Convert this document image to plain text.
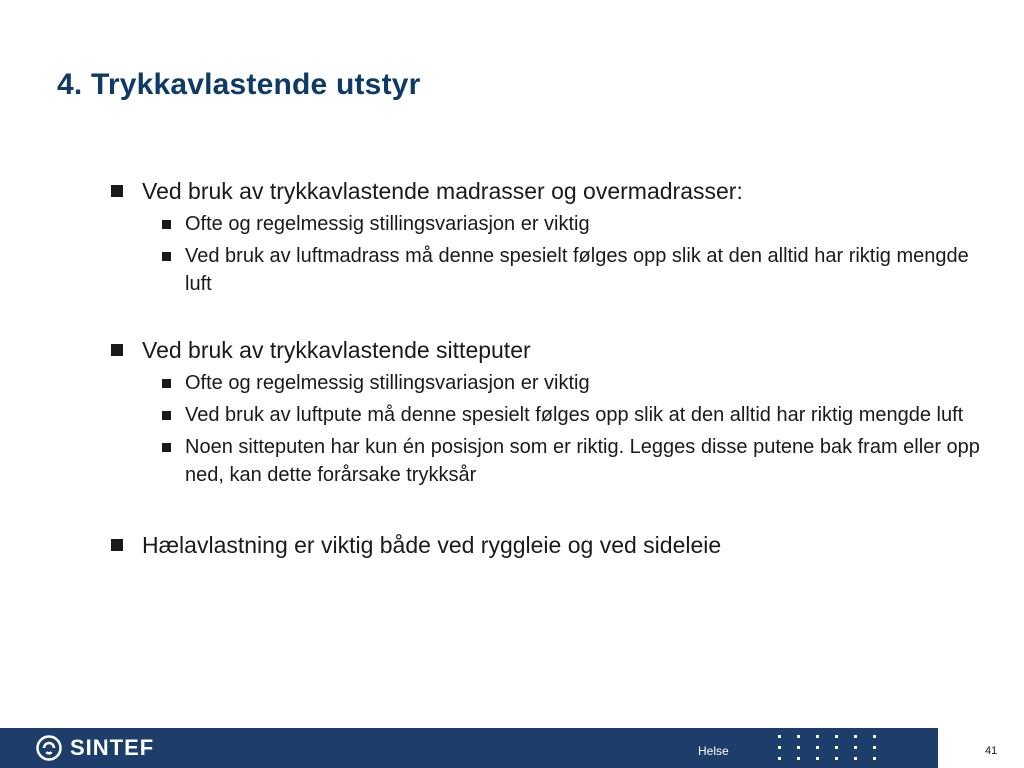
4. Trykkavlastende utstyr
Ved bruk av trykkavlastende madrasser og overmadrasser:
Ofte og regelmessig stillingsvariasjon er viktig
Ved bruk av luftmadrass må denne spesielt følges opp slik at den alltid har riktig mengde luft
Ved bruk av trykkavlastende sitteputer
Ofte og regelmessig stillingsvariasjon er viktig
Ved bruk av luftpute må denne spesielt følges opp slik at den alltid har riktig mengde luft
Noen sitteputen har kun én posisjon som er riktig. Legges disse putene bak fram eller opp ned, kan dette forårsake trykksår
Hælavlastning er viktig både ved ryggleie og ved sideleie
SINTEF	Helse	41
